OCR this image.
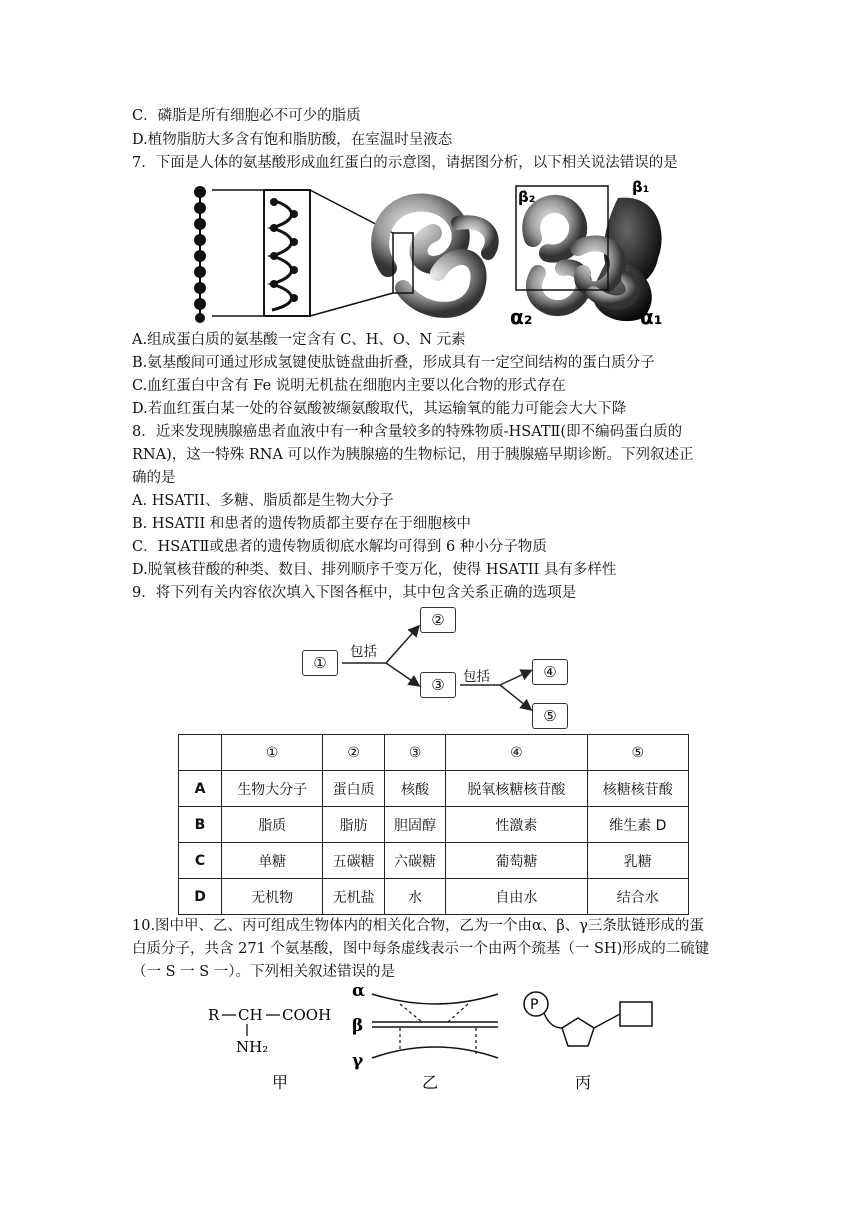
C．磷脂是所有细胞必不可少的脂质
D.植物脂肪大多含有饱和脂肪酸，在室温时呈液态
7．下面是人体的氨基酸形成血红蛋白的示意图，请据图分析，以下相关说法错误的是
β₂
β₁
α₂	α₁
A.组成蛋白质的氨基酸一定含有 C、H、O、N 元素
B.氨基酸间可通过形成氢键使肽链盘曲折叠，形成具有一定空间结构的蛋白质分子
C.血红蛋白中含有 Fe 说明无机盐在细胞内主要以化合物的形式存在
D.若血红蛋白某一处的谷氨酸被缬氨酸取代，其运输氧的能力可能会大大下降
8．近来发现胰腺癌患者血液中有一种含量较多的特殊物质-HSATⅡ(即不编码蛋白质的
RNA)，这一特殊 RNA 可以作为胰腺癌的生物标记，用于胰腺癌早期诊断。下列叙述正
确的是
A. HSATII、多糖、脂质都是生物大分子
B. HSATII 和患者的遗传物质都主要存在于细胞核中
C．HSATⅡ或患者的遗传物质彻底水解均可得到 6 种小分子物质
D.脱氧核苷酸的种类、数目、排列顺序千变万化，使得 HSATII 具有多样性
9．将下列有关内容依次填入下图各框中，其中包含关系正确的选项是
①
②
③
④
⑤
包括
包括
	①	②	③	④	⑤
A	生物大分子	蛋白质	核酸	脱氧核糖核苷酸	核糖核苷酸
B	脂质	脂肪	胆固醇	性激素	维生素 D
C	单糖	五碳糖	六碳糖	葡萄糖	乳糖
D	无机物	无机盐	水	自由水	结合水
10.图中甲、乙、丙可组成生物体内的相关化合物，乙为一个由α、β、γ三条肽链形成的蛋
白质分子，共含 271 个氨基酸，图中每条虚线表示一个由两个巯基（一 SH)形成的二硫键
（一 S 一 S 一）。下列相关叙述错误的是
R CH COOH
NH₂
α
β
γ
P
甲	乙	丙
